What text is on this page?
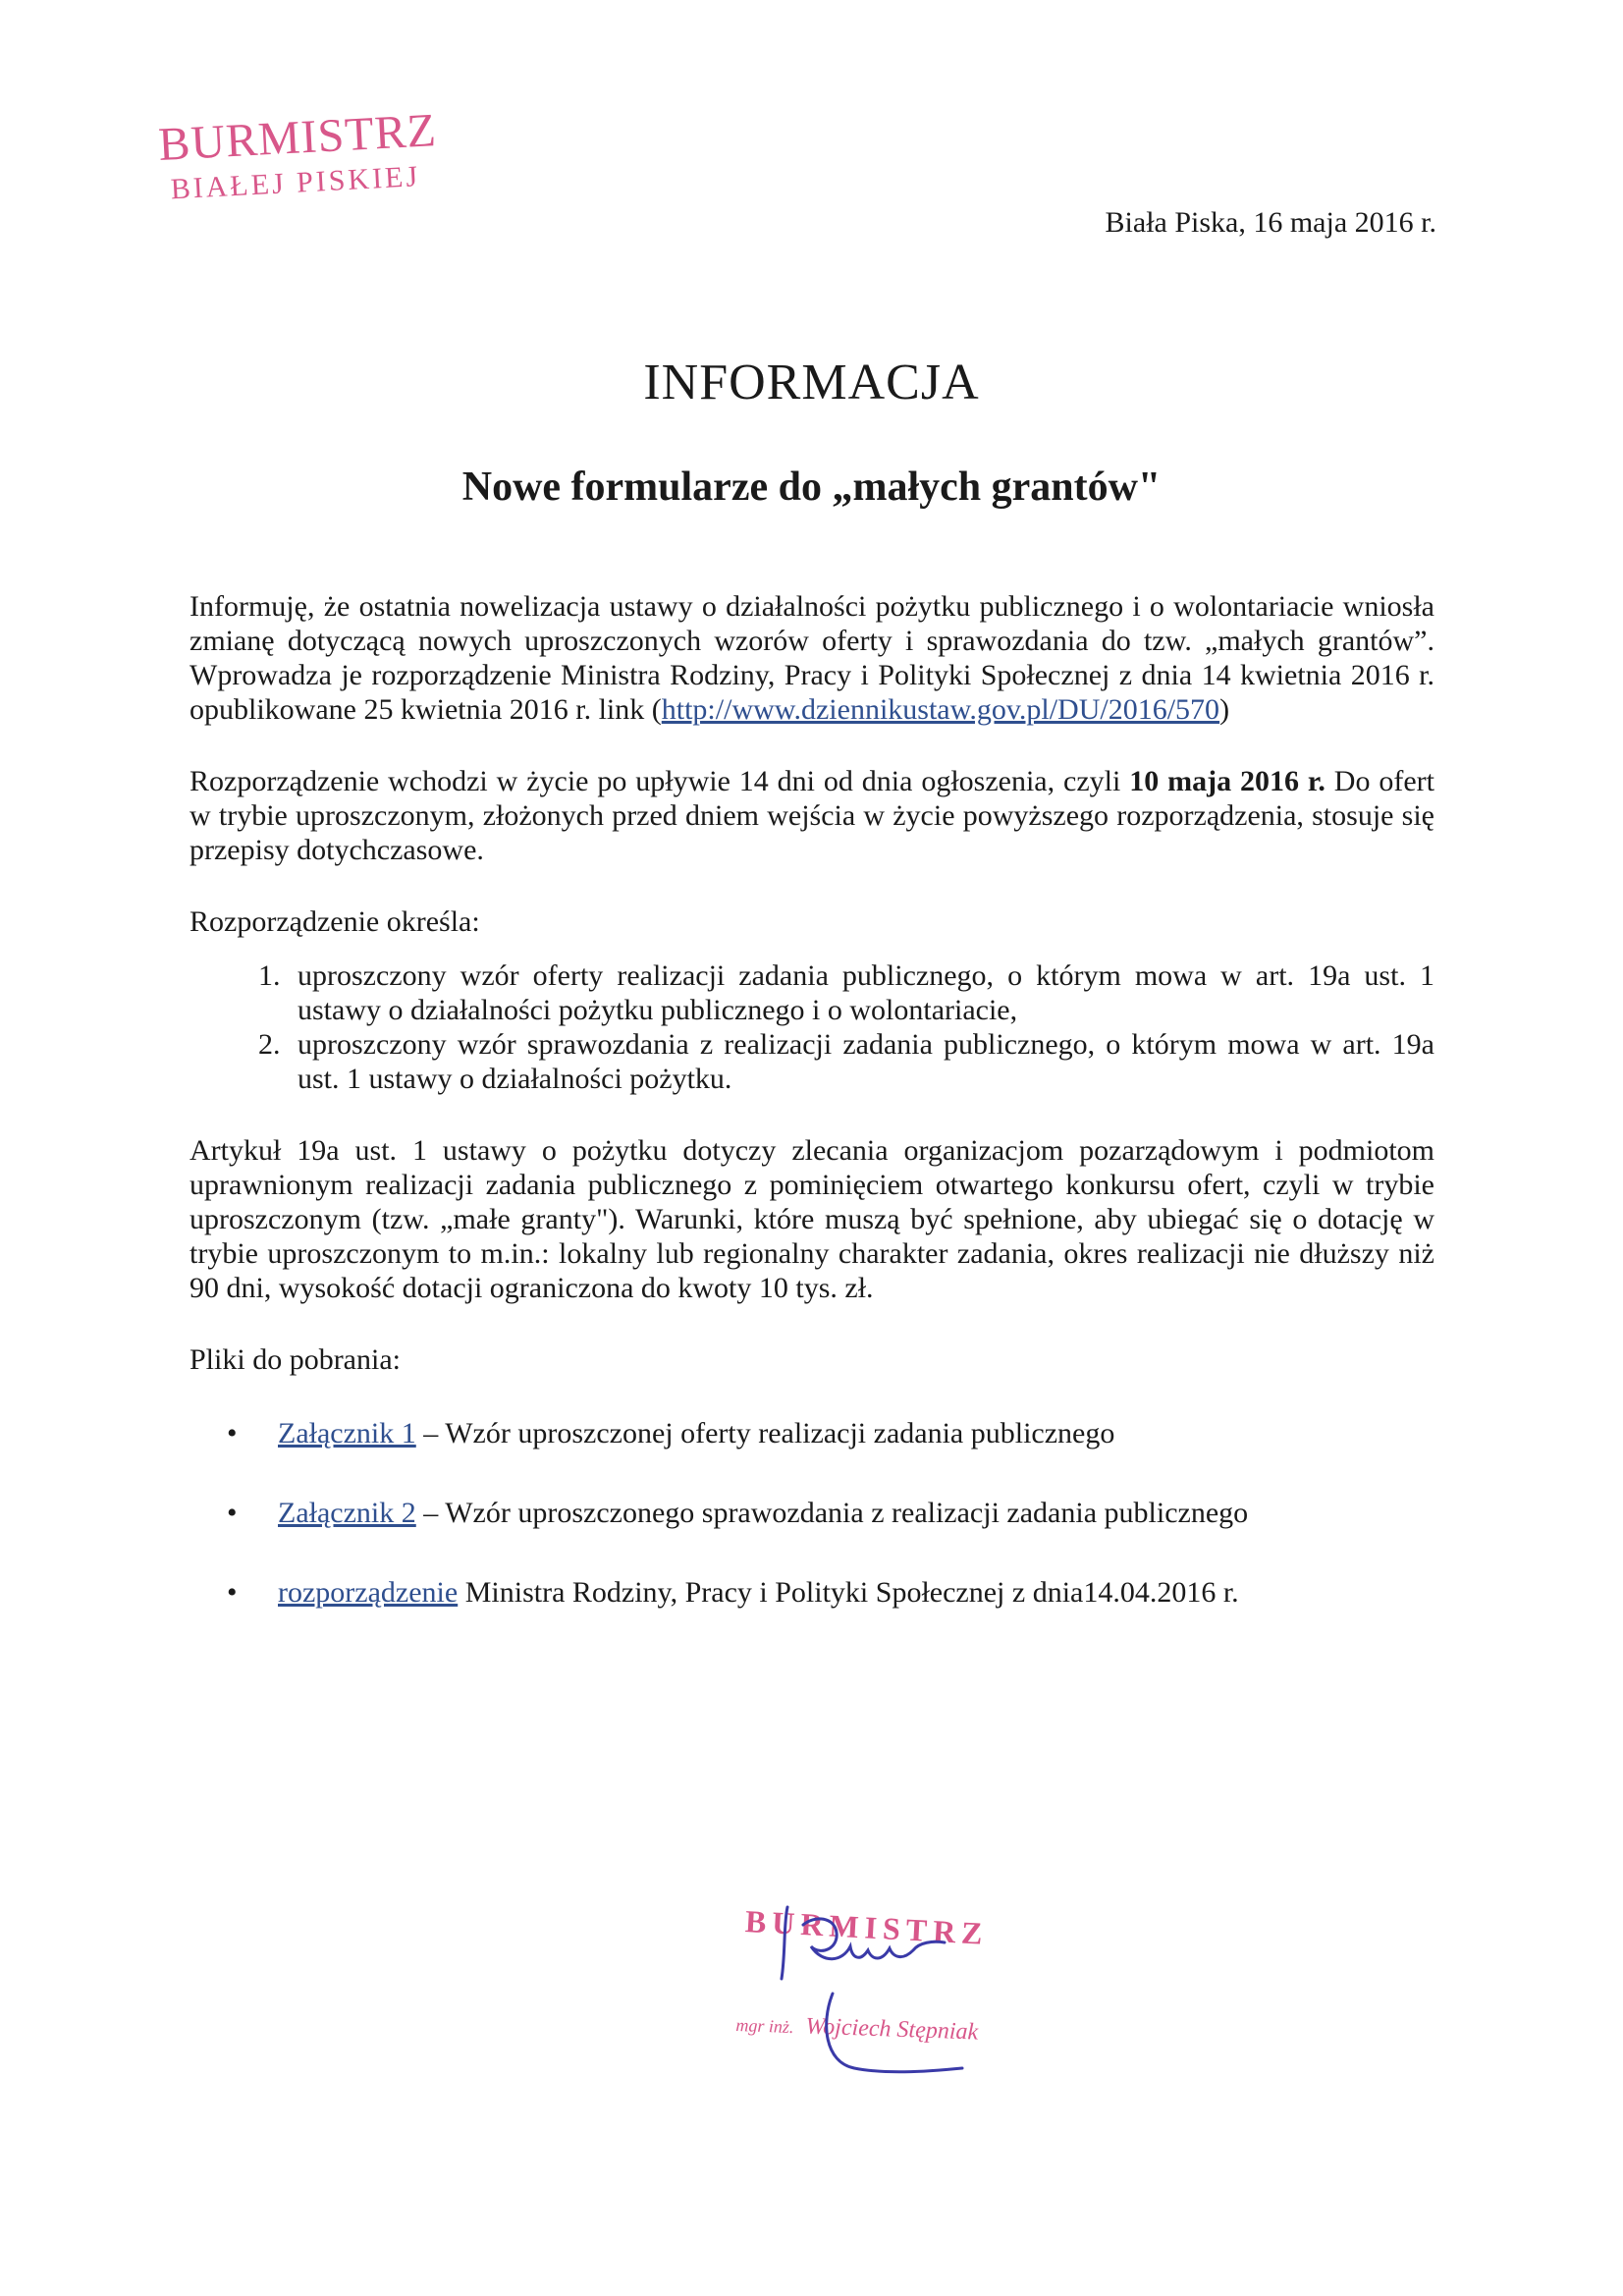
BURMISTRZ
BIAŁEJ PISKIEJ
Biała Piska, 16 maja 2016 r.
INFORMACJA
Nowe formularze do „małych grantów"

Informuję, że ostatnia nowelizacja ustawy o działalności pożytku publicznego i o wolontariacie wniosła zmianę dotyczącą nowych uproszczonych wzorów oferty i sprawozdania do tzw. „małych grantów”. Wprowadza je rozporządzenie Ministra Rodziny, Pracy i Polityki Społecznej z dnia 14 kwietnia 2016 r. opublikowane 25 kwietnia 2016 r. link (http://www.dziennikustaw.gov.pl/DU/2016/570)

Rozporządzenie wchodzi w życie po upływie 14 dni od dnia ogłoszenia, czyli 10 maja 2016 r. Do ofert w trybie uproszczonym, złożonych przed dniem wejścia w życie powyższego rozporządzenia, stosuje się przepisy dotychczasowe.

Rozporządzenie określa:

1. uproszczony wzór oferty realizacji zadania publicznego, o którym mowa w art. 19a ust. 1 ustawy o działalności pożytku publicznego i o wolontariacie,
2. uproszczony wzór sprawozdania z realizacji zadania publicznego, o którym mowa w art. 19a ust. 1 ustawy o działalności pożytku.

Artykuł 19a ust. 1 ustawy o pożytku dotyczy zlecania organizacjom pozarządowym i podmiotom uprawnionym realizacji zadania publicznego z pominięciem otwartego konkursu ofert, czyli w trybie uproszczonym (tzw. „małe granty"). Warunki, które muszą być spełnione, aby ubiegać się o dotację w trybie uproszczonym to m.in.: lokalny lub regionalny charakter zadania, okres realizacji nie dłuższy niż 90 dni, wysokość dotacji ograniczona do kwoty 10 tys. zł.

Pliki do pobrania:

• Załącznik 1 – Wzór uproszczonej oferty realizacji zadania publicznego
• Załącznik 2 – Wzór uproszczonego sprawozdania z realizacji zadania publicznego
• rozporządzenie Ministra Rodziny, Pracy i Polityki Społecznej z dnia14.04.2016 r.
BURMISTRZ
mgr inż. Wojciech Stępniak
